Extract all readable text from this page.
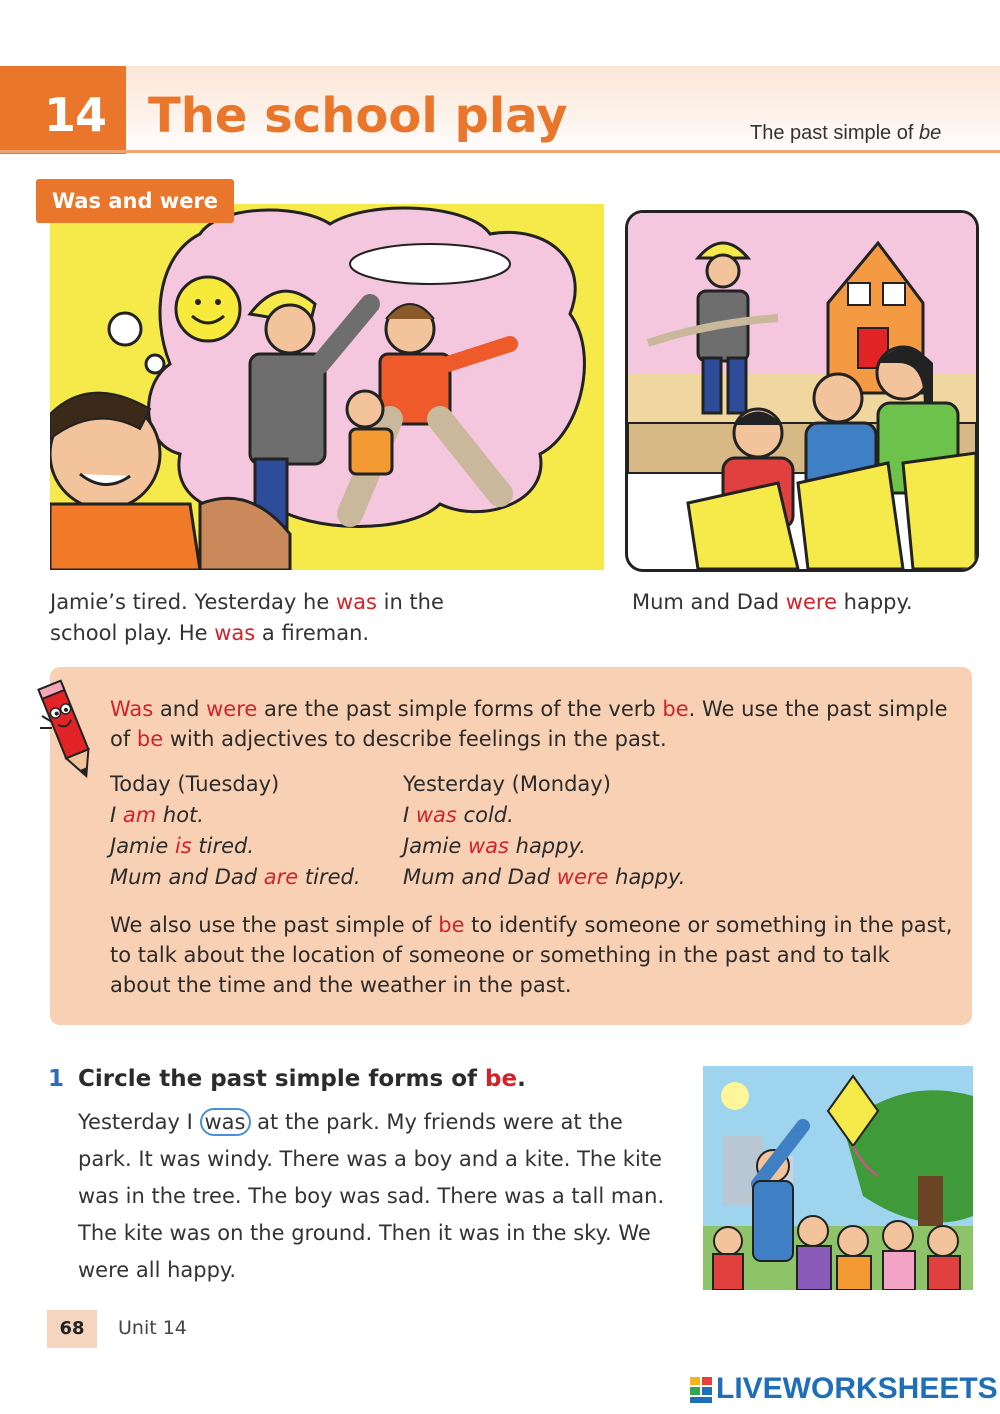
14 The school play	The past simple of be
Was and were
Jamie’s tired. Yesterday he was in the school play. He was a fireman.
Mum and Dad were happy.
Was and were are the past simple forms of the verb be. We use the past simple of be with adjectives to describe feelings in the past.
Today (Tuesday)
I am hot.
Jamie is tired.
Mum and Dad are tired.
Yesterday (Monday)
I was cold.
Jamie was happy.
Mum and Dad were happy.
We also use the past simple of be to identify someone or something in the past, to talk about the location of someone or something in the past and to talk about the time and the weather in the past.
1 Circle the past simple forms of be.
Yesterday I was at the park. My friends were at the park. It was windy. There was a boy and a kite. The kite was in the tree. The boy was sad. There was a tall man. The kite was on the ground. Then it was in the sky. We were all happy.
68	Unit 14
LIVEWORKSHEETS
